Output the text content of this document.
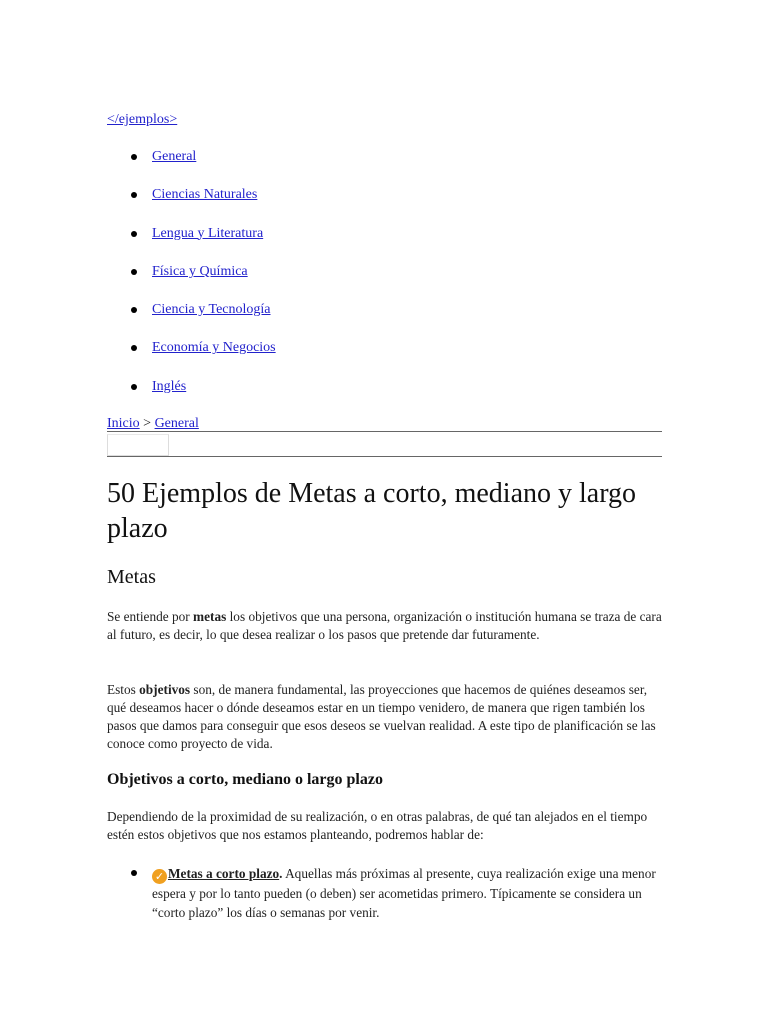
</ejemplos>
General
Ciencias Naturales
Lengua y Literatura
Física y Química
Ciencia y Tecnología
Economía y Negocios
Inglés
Inicio > General
50 Ejemplos de Metas a corto, mediano y largo plazo
Metas

Se entiende por metas los objetivos que una persona, organización o institución humana se traza de cara al futuro, es decir, lo que desea realizar o los pasos que pretende dar futuramente.

Estos objetivos son, de manera fundamental, las proyecciones que hacemos de quiénes deseamos ser, qué deseamos hacer o dónde deseamos estar en un tiempo venidero, de manera que rigen también los pasos que damos para conseguir que esos deseos se vuelvan realidad. A este tipo de planificación se las conoce como proyecto de vida.

Objetivos a corto, mediano o largo plazo

Dependiendo de la proximidad de su realización, o en otras palabras, de qué tan alejados en el tiempo estén estos objetivos que nos estamos planteando, podremos hablar de:

✓ Metas a corto plazo. Aquellas más próximas al presente, cuya realización exige una menor espera y por lo tanto pueden (o deben) ser acometidas primero. Típicamente se considera un “corto plazo” los días o semanas por venir.
